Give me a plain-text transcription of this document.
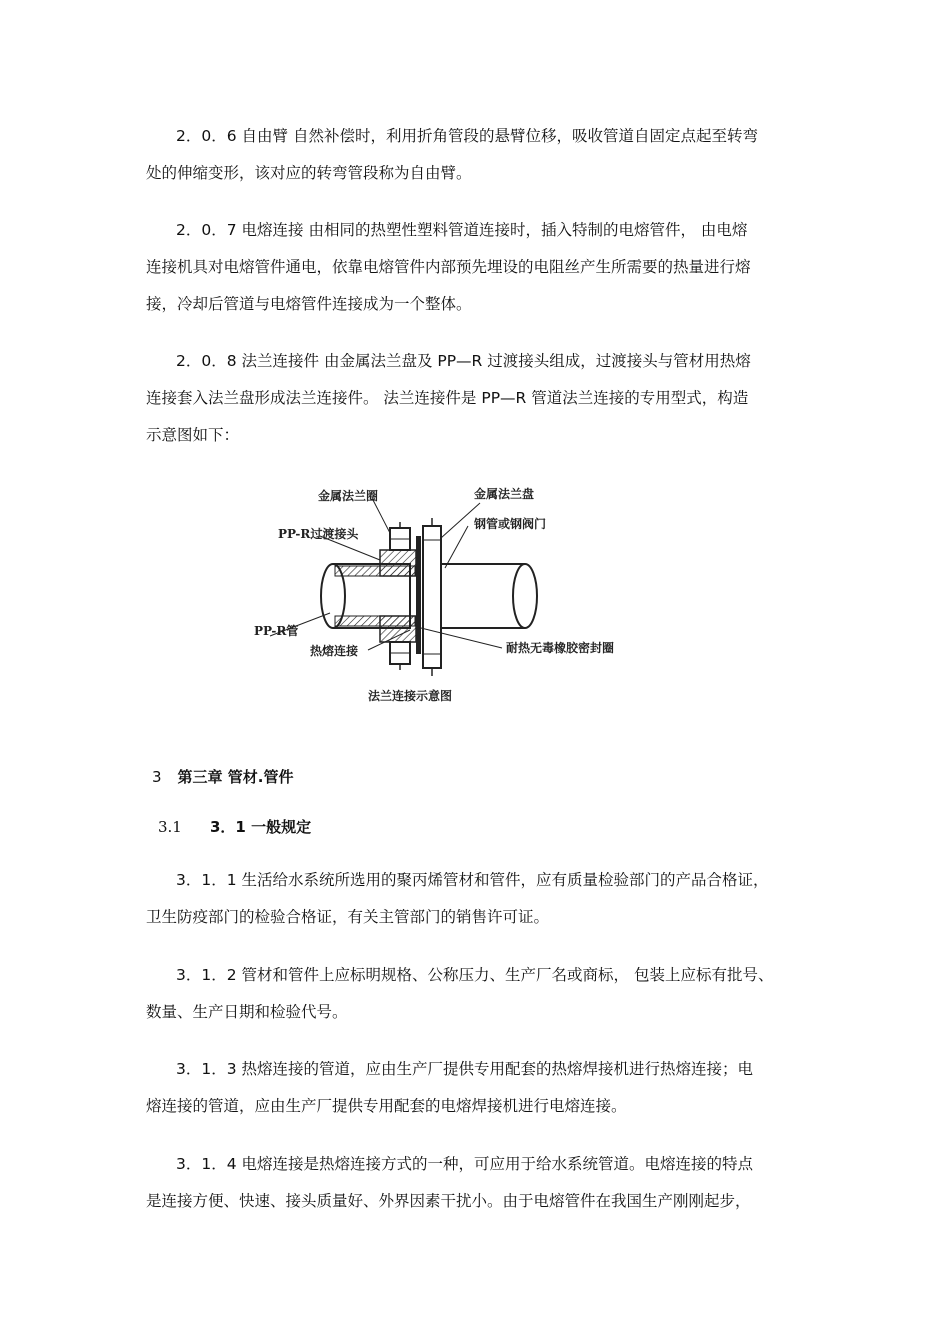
2．0．6 自由臂 自然补偿时，利用折角管段的悬臂位移，吸收管道自固定点起至转弯
处的伸缩变形，该对应的转弯管段称为自由臂。
2．0．7 电熔连接 由相同的热塑性塑料管道连接时，插入特制的电熔管件， 由电熔
连接机具对电熔管件通电，依靠电熔管件内部预先埋设的电阻丝产生所需要的热量进行熔
接，冷却后管道与电熔管件连接成为一个整体。
2．0．8 法兰连接件 由金属法兰盘及 PP—R 过渡接头组成，过渡接头与管材用热熔
连接套入法兰盘形成法兰连接件。 法兰连接件是 PP—R 管道法兰连接的专用型式，构造
示意图如下：
金属法兰圈
PP-R过渡接头
PP-R管
热熔连接
金属法兰盘
钢管或钢阀门
耐热无毒橡胶密封圈
法兰连接示意图
3 第三章 管材.管件
3.1 3．1 一般规定
3．1．1 生活给水系统所选用的聚丙烯管材和管件，应有质量检验部门的产品合格证，
卫生防疫部门的检验合格证，有关主管部门的销售许可证。
3．1．2 管材和管件上应标明规格、公称压力、生产厂名或商标， 包装上应标有批号、
数量、生产日期和检验代号。
3．1．3 热熔连接的管道，应由生产厂提供专用配套的热熔焊接机进行热熔连接；电
熔连接的管道，应由生产厂提供专用配套的电熔焊接机进行电熔连接。
3．1．4 电熔连接是热熔连接方式的一种，可应用于给水系统管道。电熔连接的特点
是连接方便、快速、接头质量好、外界因素干扰小。由于电熔管件在我国生产刚刚起步，
